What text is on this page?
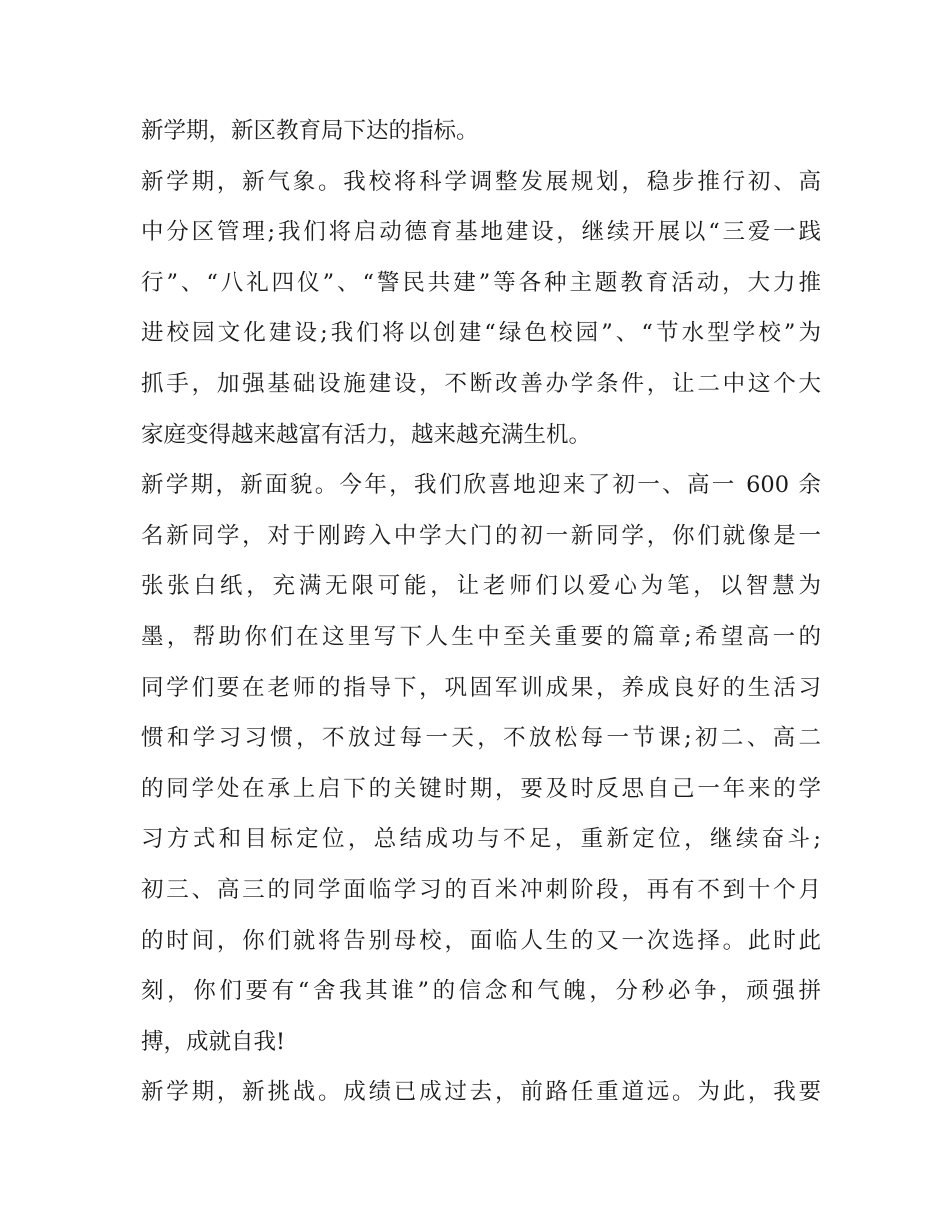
新学期，新区教育局下达的指标。
新学期，新气象。我校将科学调整发展规划，稳步推行初、高
中分区管理;我们将启动德育基地建设，继续开展以“三爱一践
行”、“八礼四仪”、“警民共建”等各种主题教育活动，大力推
进校园文化建设;我们将以创建“绿色校园”、“节水型学校”为
抓手，加强基础设施建设，不断改善办学条件，让二中这个大
家庭变得越来越富有活力，越来越充满生机。
新学期，新面貌。今年，我们欣喜地迎来了初一、高一 600 余
名新同学，对于刚跨入中学大门的初一新同学，你们就像是一
张张白纸，充满无限可能，让老师们以爱心为笔，以智慧为
墨，帮助你们在这里写下人生中至关重要的篇章;希望高一的
同学们要在老师的指导下，巩固军训成果，养成良好的生活习
惯和学习习惯，不放过每一天，不放松每一节课;初二、高二
的同学处在承上启下的关键时期，要及时反思自己一年来的学
习方式和目标定位，总结成功与不足，重新定位，继续奋斗;
初三、高三的同学面临学习的百米冲刺阶段，再有不到十个月
的时间，你们就将告别母校，面临人生的又一次选择。此时此
刻，你们要有“舍我其谁”的信念和气魄，分秒必争，顽强拼
搏，成就自我!
新学期，新挑战。成绩已成过去，前路任重道远。为此，我要
